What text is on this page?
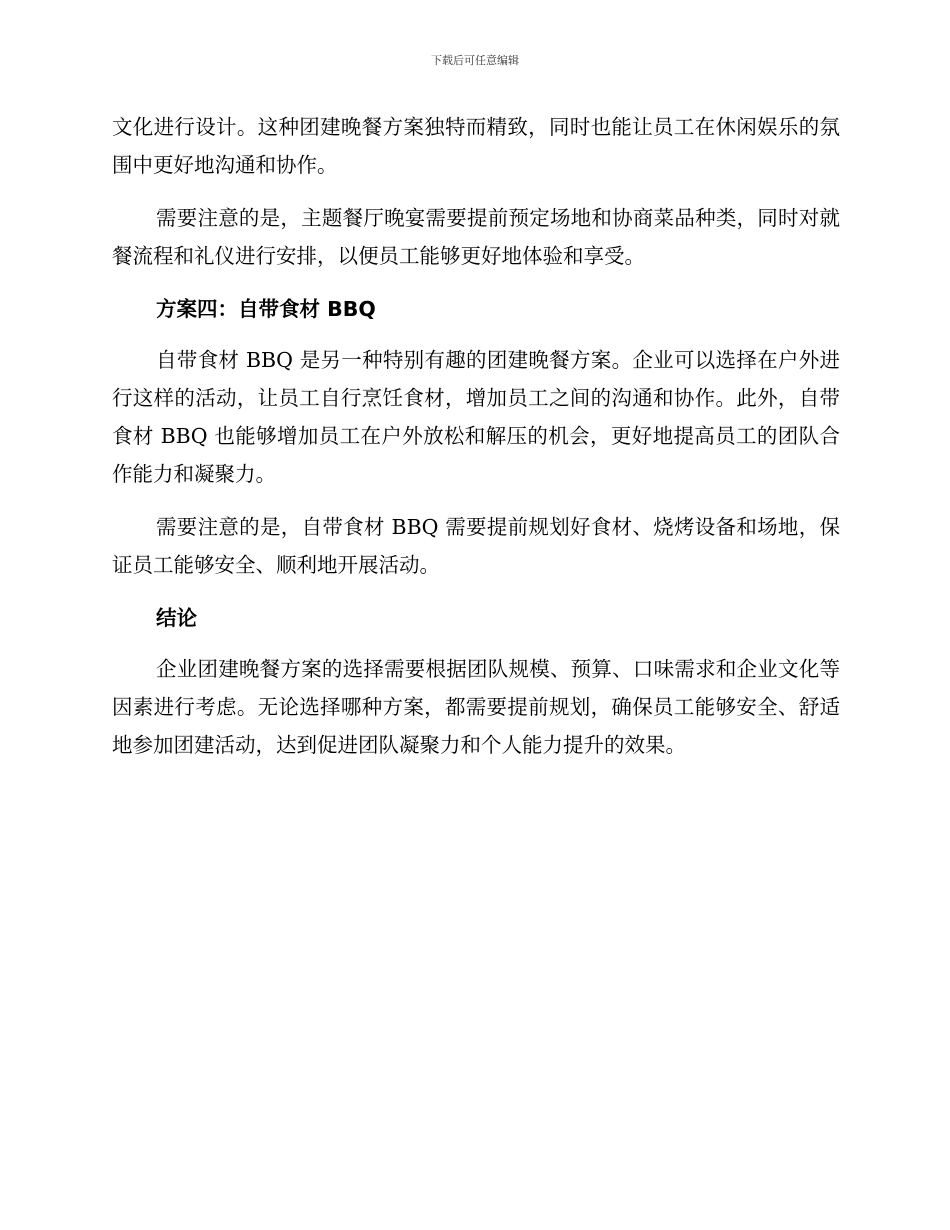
下载后可任意编辑

文化进行设计。这种团建晚餐方案独特而精致，同时也能让员工在休闲娱乐的氛围中更好地沟通和协作。

需要注意的是，主题餐厅晚宴需要提前预定场地和协商菜品种类，同时对就餐流程和礼仪进行安排，以便员工能够更好地体验和享受。

方案四：自带食材 BBQ

自带食材 BBQ 是另一种特别有趣的团建晚餐方案。企业可以选择在户外进行这样的活动，让员工自行烹饪食材，增加员工之间的沟通和协作。此外，自带食材 BBQ 也能够增加员工在户外放松和解压的机会，更好地提高员工的团队合作能力和凝聚力。

需要注意的是，自带食材 BBQ 需要提前规划好食材、烧烤设备和场地，保证员工能够安全、顺利地开展活动。

结论

企业团建晚餐方案的选择需要根据团队规模、预算、口味需求和企业文化等因素进行考虑。无论选择哪种方案，都需要提前规划，确保员工能够安全、舒适地参加团建活动，达到促进团队凝聚力和个人能力提升的效果。
